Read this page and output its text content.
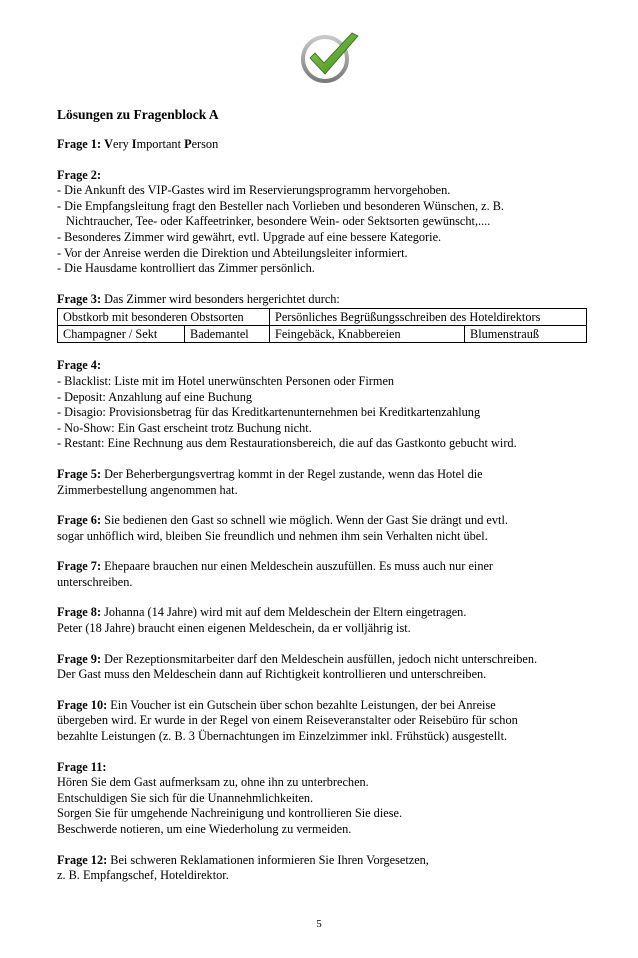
Lösungen zu Fragenblock A

Frage 1: Very Important Person

Frage 2:

- Die Ankunft des VIP-Gastes wird im Reservierungsprogramm hervorgehoben.

- Die Empfangsleitung fragt den Besteller nach Vorlieben und besonderen Wünschen, z. B.

Nichtraucher, Tee- oder Kaffeetrinker, besondere Wein- oder Sektsorten gewünscht,....

- Besonderes Zimmer wird gewährt, evtl. Upgrade auf eine bessere Kategorie.

- Vor der Anreise werden die Direktion und Abteilungsleiter informiert.

- Die Hausdame kontrolliert das Zimmer persönlich.

Frage 3: Das Zimmer wird besonders hergerichtet durch:

Obstkorb mit besonderen Obstsorten		Persönliches Begrüßungsschreiben des Hoteldirektors	
Champagner / Sekt	Bademantel	Feingebäck, Knabbereien	Blumenstrauß

Frage 4:

- Blacklist: Liste mit im Hotel unerwünschten Personen oder Firmen

- Deposit: Anzahlung auf eine Buchung

- Disagio: Provisionsbetrag für das Kreditkartenunternehmen bei Kreditkartenzahlung

- No-Show: Ein Gast erscheint trotz Buchung nicht.

- Restant: Eine Rechnung aus dem Restaurationsbereich, die auf das Gastkonto gebucht wird.

Frage 5: Der Beherbergungsvertrag kommt in der Regel zustande, wenn das Hotel die

Zimmerbestellung angenommen hat.

Frage 6: Sie bedienen den Gast so schnell wie möglich. Wenn der Gast Sie drängt und evtl.

sogar unhöflich wird, bleiben Sie freundlich und nehmen ihm sein Verhalten nicht übel.

Frage 7: Ehepaare brauchen nur einen Meldeschein auszufüllen. Es muss auch nur einer

unterschreiben.

Frage 8: Johanna (14 Jahre) wird mit auf dem Meldeschein der Eltern eingetragen.

Peter (18 Jahre) braucht einen eigenen Meldeschein, da er volljährig ist.

Frage 9: Der Rezeptionsmitarbeiter darf den Meldeschein ausfüllen, jedoch nicht unterschreiben.

Der Gast muss den Meldeschein dann auf Richtigkeit kontrollieren und unterschreiben.

Frage 10: Ein Voucher ist ein Gutschein über schon bezahlte Leistungen, der bei Anreise

übergeben wird. Er wurde in der Regel von einem Reiseveranstalter oder Reisebüro für schon

bezahlte Leistungen (z. B. 3 Übernachtungen im Einzelzimmer inkl. Frühstück) ausgestellt.

Frage 11:

Hören Sie dem Gast aufmerksam zu, ohne ihn zu unterbrechen.

Entschuldigen Sie sich für die Unannehmlichkeiten.

Sorgen Sie für umgehende Nachreinigung und kontrollieren Sie diese.

Beschwerde notieren, um eine Wiederholung zu vermeiden.

Frage 12: Bei schweren Reklamationen informieren Sie Ihren Vorgesetzen,

z. B. Empfangschef, Hoteldirektor.

5
